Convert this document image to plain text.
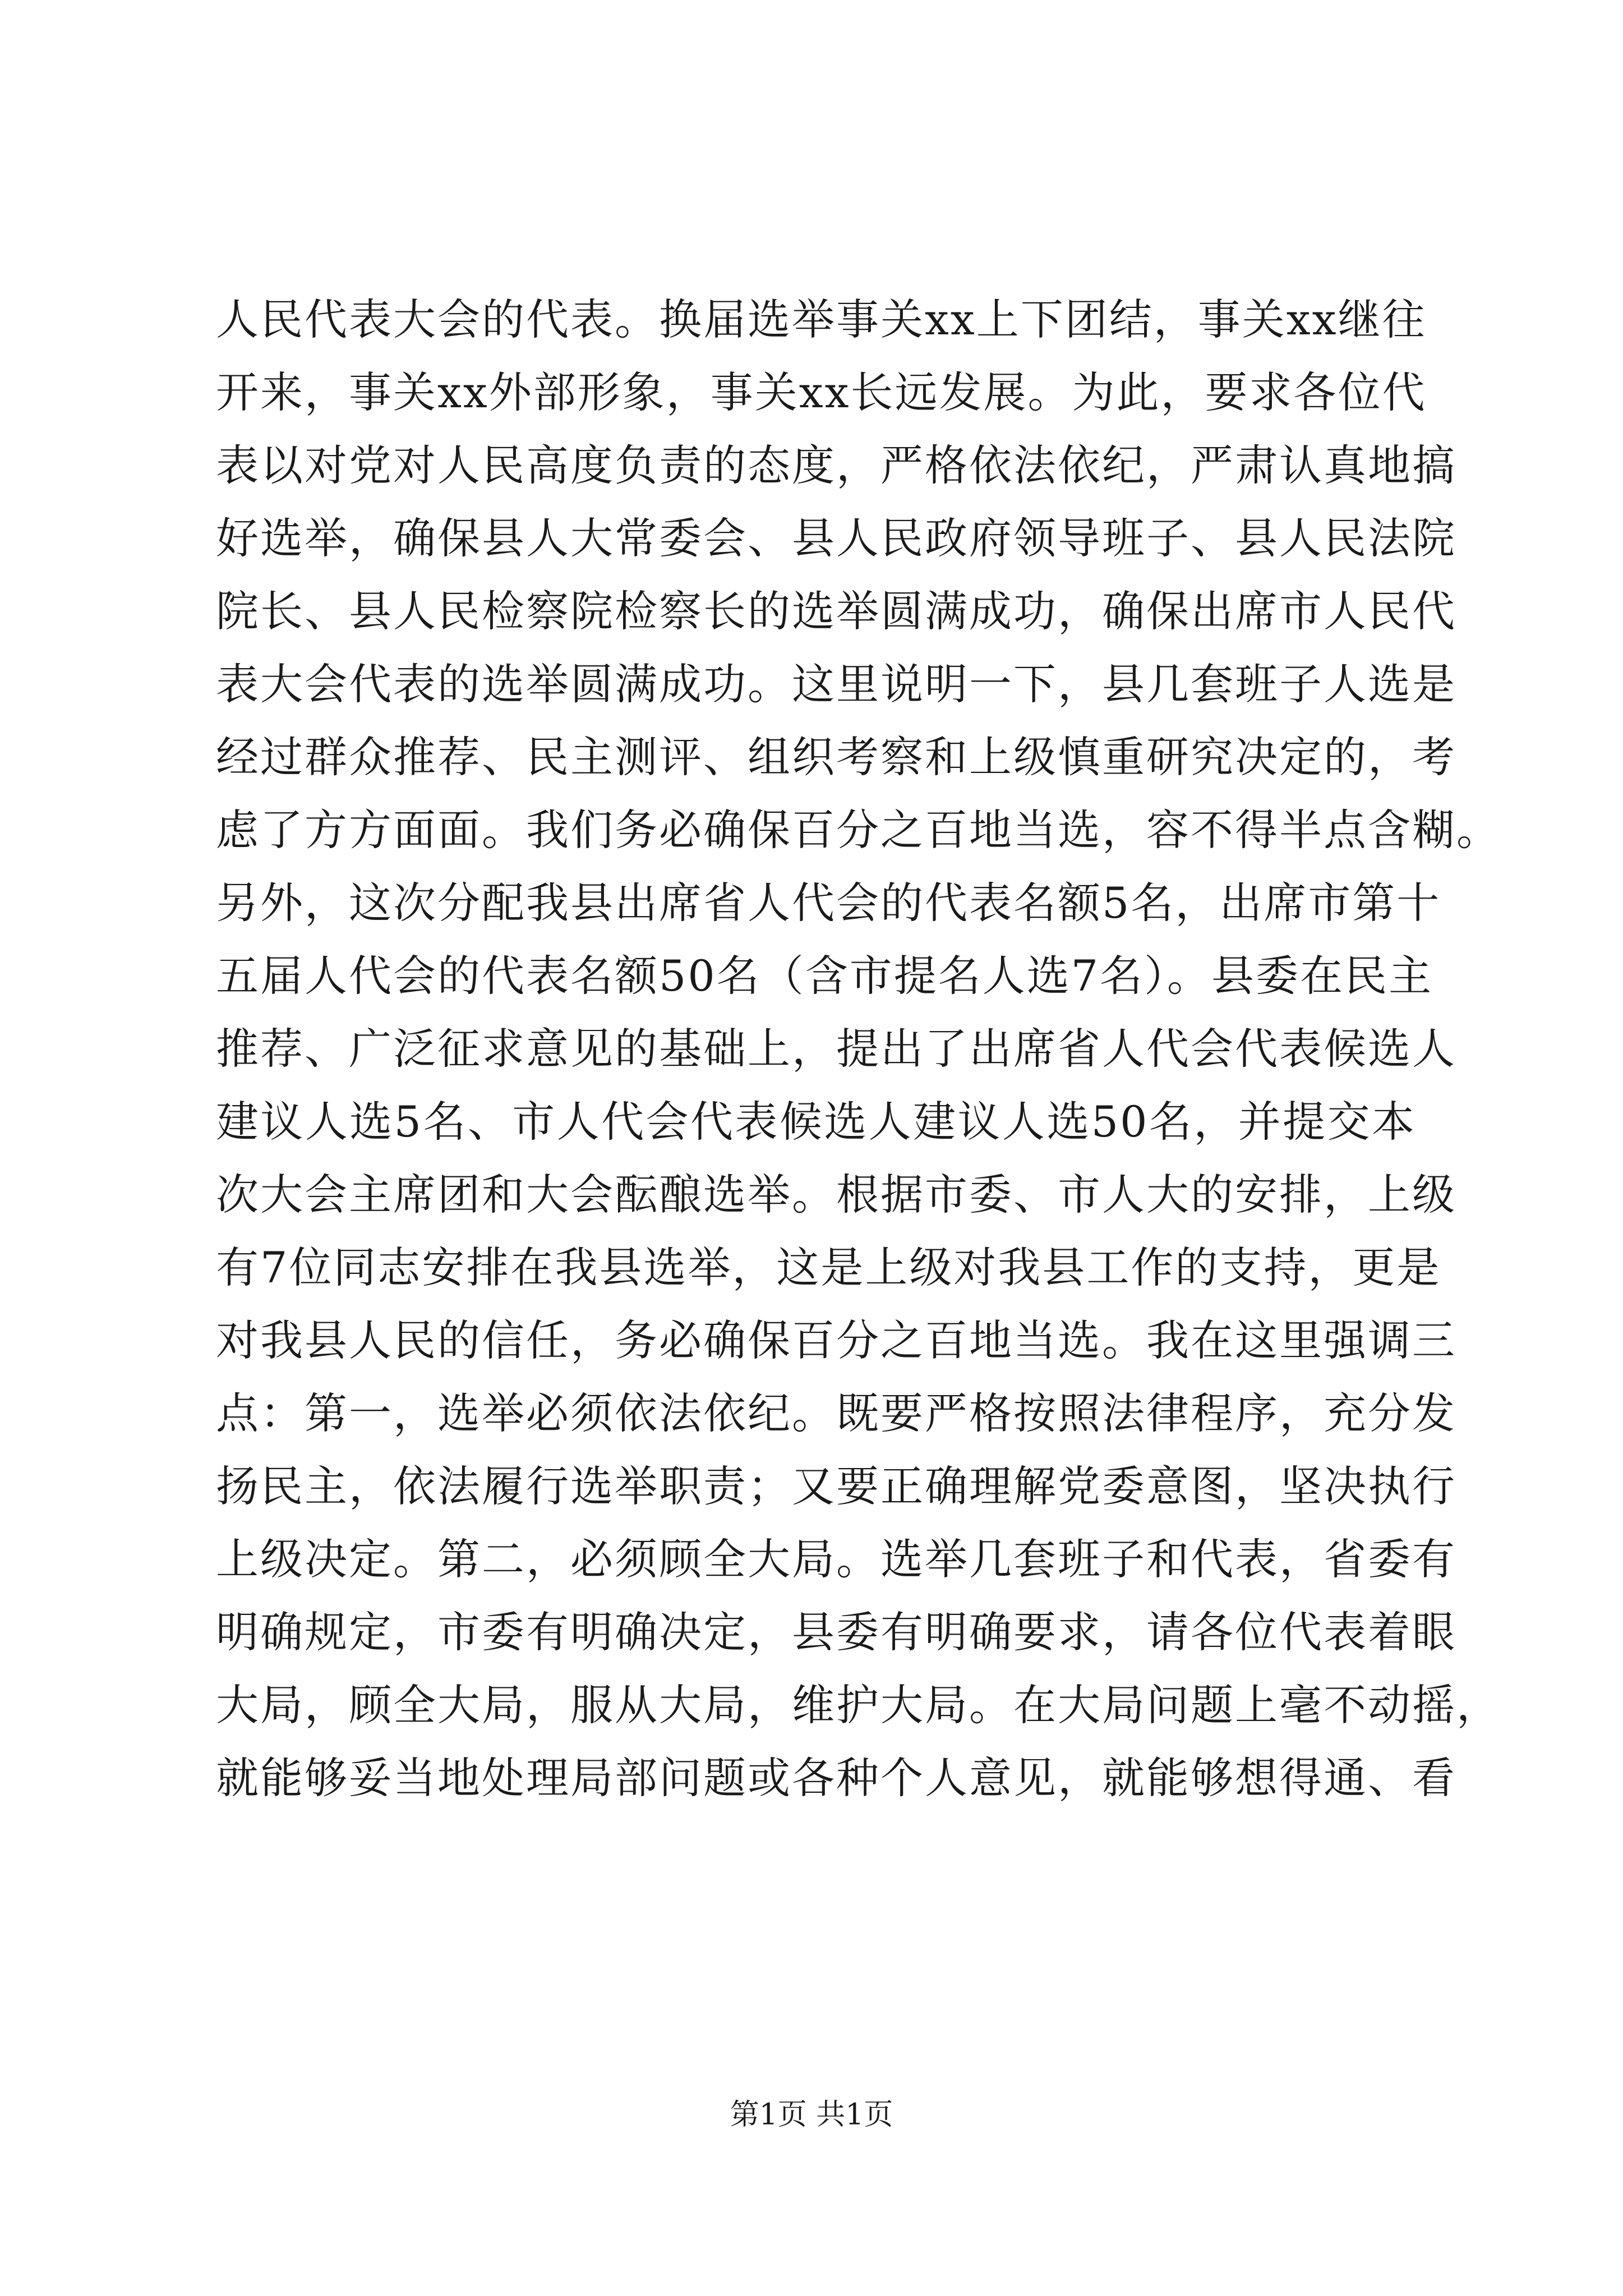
人民代表大会的代表。换届选举事关xx上下团结，事关xx继往
开来，事关xx外部形象，事关xx长远发展。为此，要求各位代
表以对党对人民高度负责的态度，严格依法依纪，严肃认真地搞
好选举，确保县人大常委会、县人民政府领导班子、县人民法院
院长、县人民检察院检察长的选举圆满成功，确保出席市人民代
表大会代表的选举圆满成功。这里说明一下，县几套班子人选是
经过群众推荐、民主测评、组织考察和上级慎重研究决定的，考
虑了方方面面。我们务必确保百分之百地当选，容不得半点含糊。
另外，这次分配我县出席省人代会的代表名额5名，出席市第十
五届人代会的代表名额50名（含市提名人选7名）。县委在民主
推荐、广泛征求意见的基础上，提出了出席省人代会代表候选人
建议人选5名、市人代会代表候选人建议人选50名，并提交本
次大会主席团和大会酝酿选举。根据市委、市人大的安排，上级
有7位同志安排在我县选举，这是上级对我县工作的支持，更是
对我县人民的信任，务必确保百分之百地当选。我在这里强调三
点：第一，选举必须依法依纪。既要严格按照法律程序，充分发
扬民主，依法履行选举职责；又要正确理解党委意图，坚决执行
上级决定。第二，必须顾全大局。选举几套班子和代表，省委有
明确规定，市委有明确决定，县委有明确要求，请各位代表着眼
大局，顾全大局，服从大局，维护大局。在大局问题上毫不动摇，
就能够妥当地处理局部问题或各种个人意见，就能够想得通、看
第1页 共1页
